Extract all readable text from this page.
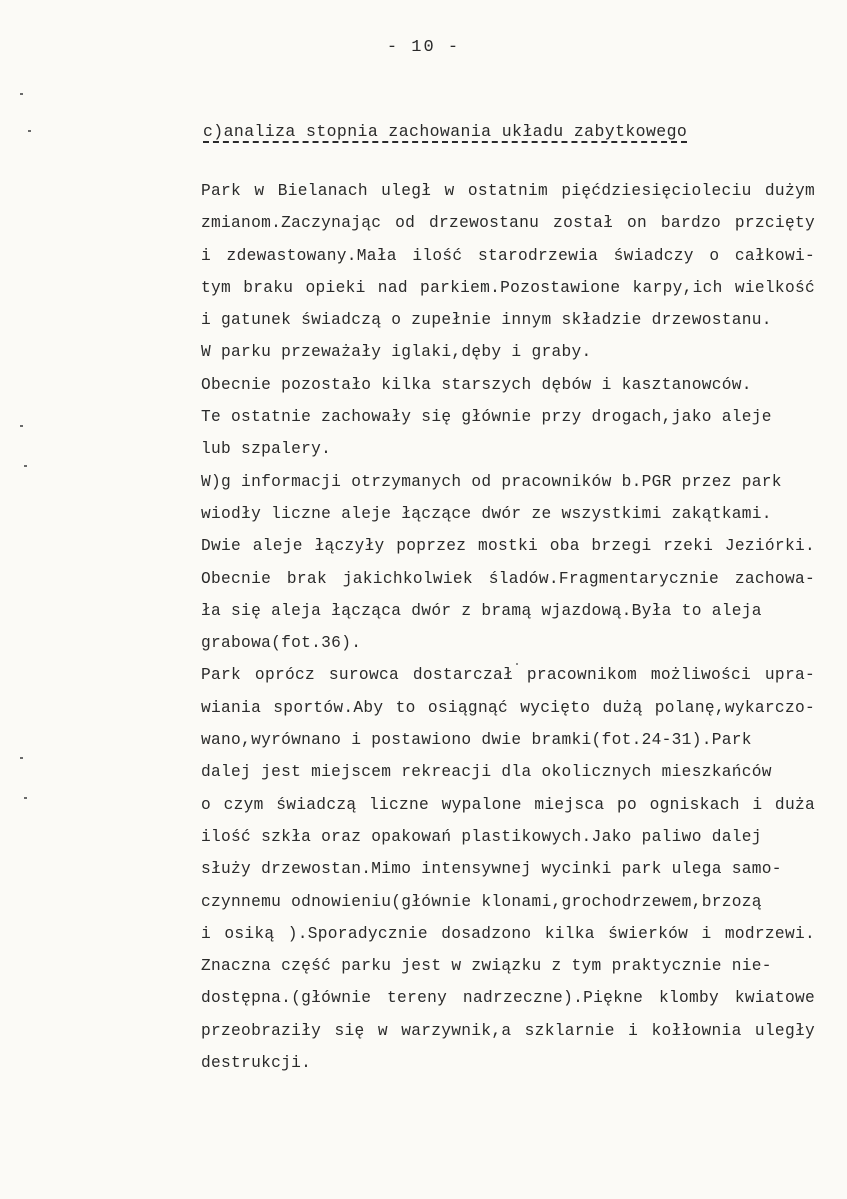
- 10 -
c)analiza stopnia zachowania układu zabytkowego
Park w Bielanach uległ w ostatnim pięćdziesięcioleciu dużym
zmianom.Zaczynając od drzewostanu został on bardzo przcięty
i zdewastowany.Mała ilość starodrzewia świadczy o całkowi-
tym braku opieki nad parkiem.Pozostawione karpy,ich wielkość
i gatunek świadczą o zupełnie innym składzie drzewostanu.
W parku przeważały iglaki,dęby i graby.
Obecnie pozostało kilka starszych dębów i kasztanowców.
Te ostatnie zachowały się głównie przy drogach,jako aleje
lub szpalery.
W)g informacji otrzymanych od pracowników b.PGR przez park
wiodły liczne aleje łączące dwór ze wszystkimi zakątkami.
Dwie aleje łączyły poprzez mostki oba brzegi rzeki Jeziórki.
Obecnie brak jakichkolwiek śladów.Fragmentarycznie zachowa-
ła się aleja łącząca dwór z bramą wjazdową.Była to aleja
grabowa(fot.36).
Park oprócz surowca dostarczał pracownikom możliwości upra-
wiania sportów.Aby to osiągnąć wycięto dużą polanę,wykarczo-
wano,wyrównano i postawiono dwie bramki(fot.24-31).Park
dalej jest miejscem rekreacji dla okolicznych mieszkańców
o czym świadczą liczne wypalone miejsca po ogniskach i duża
ilość szkła oraz opakowań plastikowych.Jako paliwo dalej
służy drzewostan.Mimo intensywnej wycinki park ulega samo-
czynnemu odnowieniu(głównie klonami,grochodrzewem,brzozą
i osiką ).Sporadycznie dosadzono kilka świerków i modrzewi.
Znaczna część parku jest w związku z tym praktycznie nie-
dostępna.(głównie tereny nadrzeczne).Piękne klomby kwiatowe
przeobraziły się w warzywnik,a szklarnie i kołłownia uległy
destrukcji.
